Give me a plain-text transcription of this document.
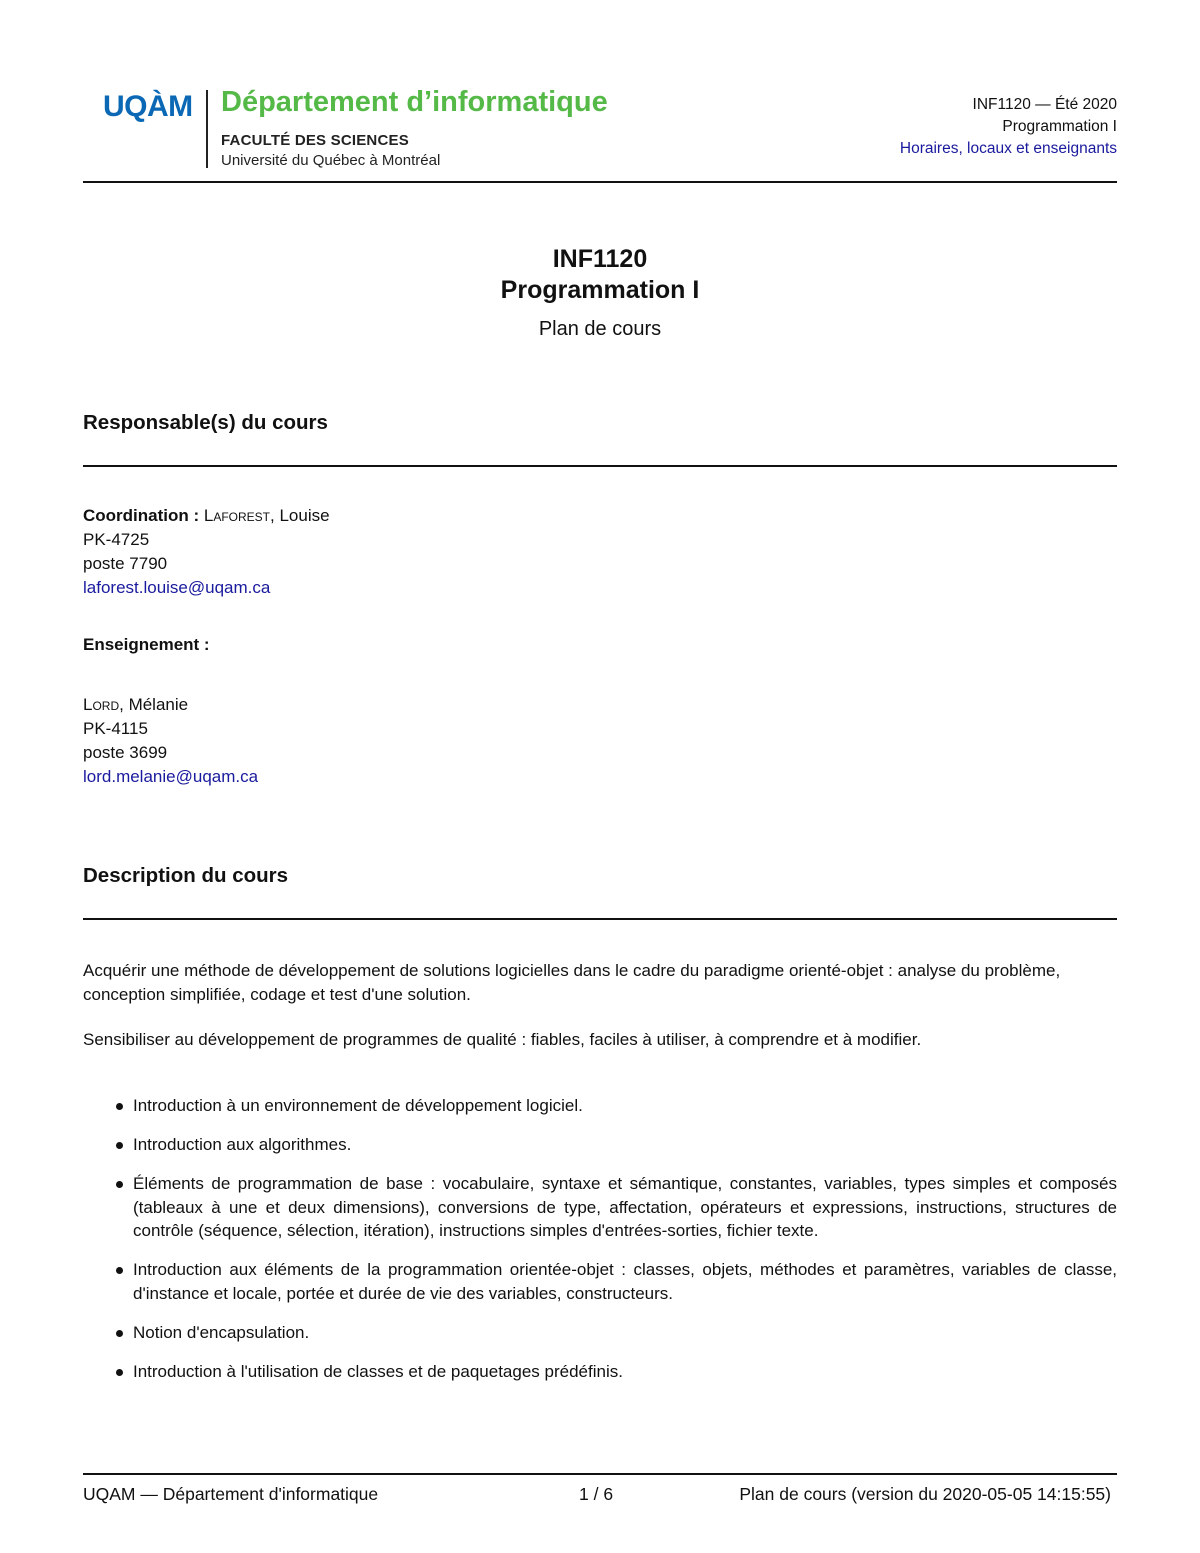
UQÀM Département d’informatique
FACULTÉ DES SCIENCES
Université du Québec à Montréal
INF1120 — Été 2020
Programmation I
Horaires, locaux et enseignants
INF1120
Programmation I
Plan de cours
Responsable(s) du cours
Coordination : Laforest, Louise
PK-4725
poste 7790
laforest.louise@uqam.ca
Enseignement :
Lord, Mélanie
PK-4115
poste 3699
lord.melanie@uqam.ca
Description du cours
Acquérir une méthode de développement de solutions logicielles dans le cadre du paradigme orienté-objet : analyse du problème, conception simplifiée, codage et test d'une solution.
Sensibiliser au développement de programmes de qualité : fiables, faciles à utiliser, à comprendre et à modifier.
Introduction à un environnement de développement logiciel.
Introduction aux algorithmes.
Éléments de programmation de base : vocabulaire, syntaxe et sémantique, constantes, variables, types simples et composés (tableaux à une et deux dimensions), conversions de type, affectation, opérateurs et expressions, instructions, structures de contrôle (séquence, sélection, itération), instructions simples d'entrées-sorties, fichier texte.
Introduction aux éléments de la programmation orientée-objet : classes, objets, méthodes et paramètres, variables de classe, d'instance et locale, portée et durée de vie des variables, constructeurs.
Notion d'encapsulation.
Introduction à l'utilisation de classes et de paquetages prédéfinis.
UQAM — Département d'informatique	1 / 6	Plan de cours (version du 2020-05-05 14:15:55)
